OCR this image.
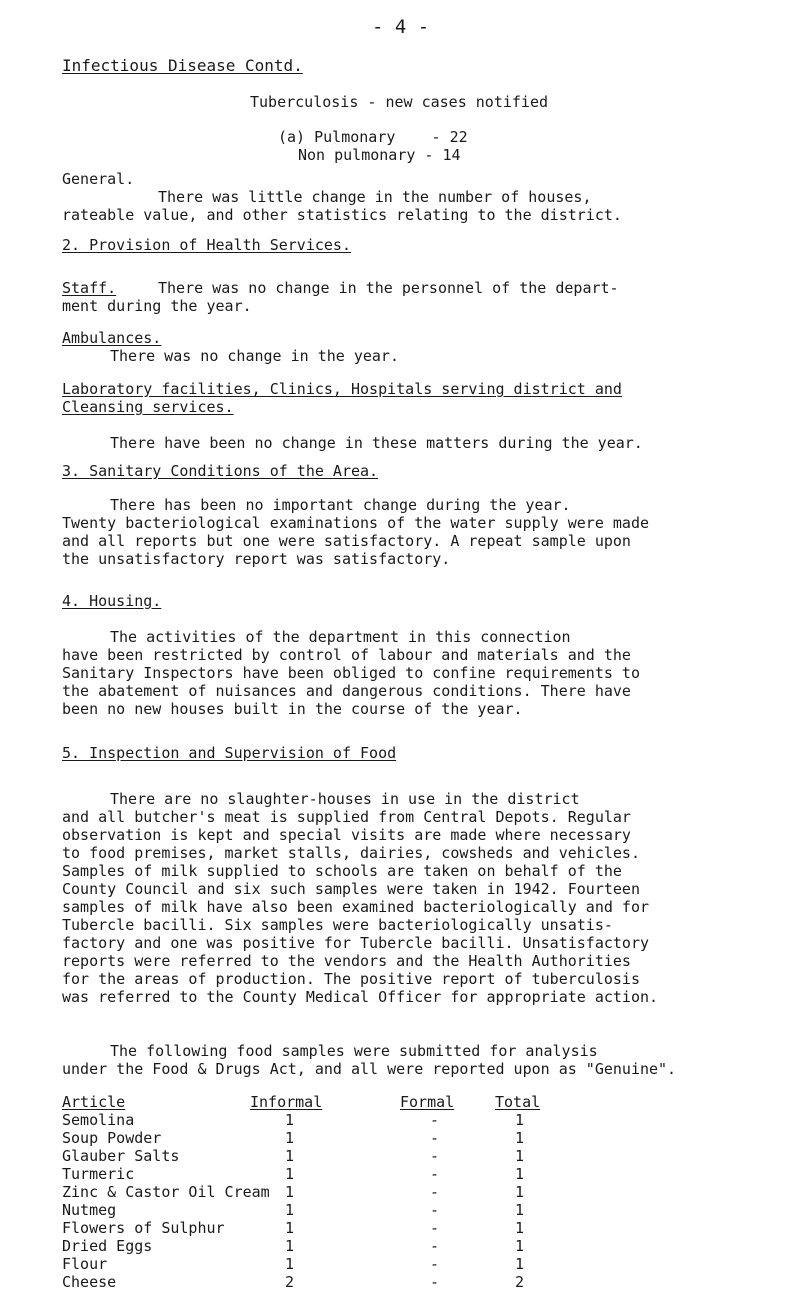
- 4 -
Infectious Disease Contd.
Tuberculosis - new cases notified
(a) Pulmonary    - 22
Non pulmonary - 14
General.
There was little change in the number of houses,
rateable value, and other statistics relating to the district.
2. Provision of Health Services.
Staff.	There was no change in the personnel of the depart-
ment during the year.
Ambulances.
There was no change in the year.
Laboratory facilities, Clinics, Hospitals serving district and
Cleansing services.
There have been no change in these matters during the year.
3. Sanitary Conditions of the Area.
There has been no important change during the year.
Twenty bacteriological examinations of the water supply were made
and all reports but one were satisfactory. A repeat sample upon
the unsatisfactory report was satisfactory.
4. Housing.
The activities of the department in this connection
have been restricted by control of labour and materials and the
Sanitary Inspectors have been obliged to confine requirements to
the abatement of nuisances and dangerous conditions. There have
been no new houses built in the course of the year.
5. Inspection and Supervision of Food
There are no slaughter-houses in use in the district
and all butcher's meat is supplied from Central Depots. Regular
observation is kept and special visits are made where necessary
to food premises, market stalls, dairies, cowsheds and vehicles.
Samples of milk supplied to schools are taken on behalf of the
County Council and six such samples were taken in 1942. Fourteen
samples of milk have also been examined bacteriologically and for
Tubercle bacilli. Six samples were bacteriologically unsatis-
factory and one was positive for Tubercle bacilli. Unsatisfactory
reports were referred to the vendors and the Health Authorities
for the areas of production. The positive report of tuberculosis
was referred to the County Medical Officer for appropriate action.
The following food samples were submitted for analysis
under the Food & Drugs Act, and all were reported upon as "Genuine".
Article	Informal	Formal	Total
Semolina	1	-	1
Soup Powder	1	-	1
Glauber Salts	1	-	1
Turmeric	1	-	1
Zinc & Castor Oil Cream 1	-	1
Nutmeg	1	-	1
Flowers of Sulphur	1	-	1
Dried Eggs	1	-	1
Flour	1	-	1
Cheese	2	-	2
